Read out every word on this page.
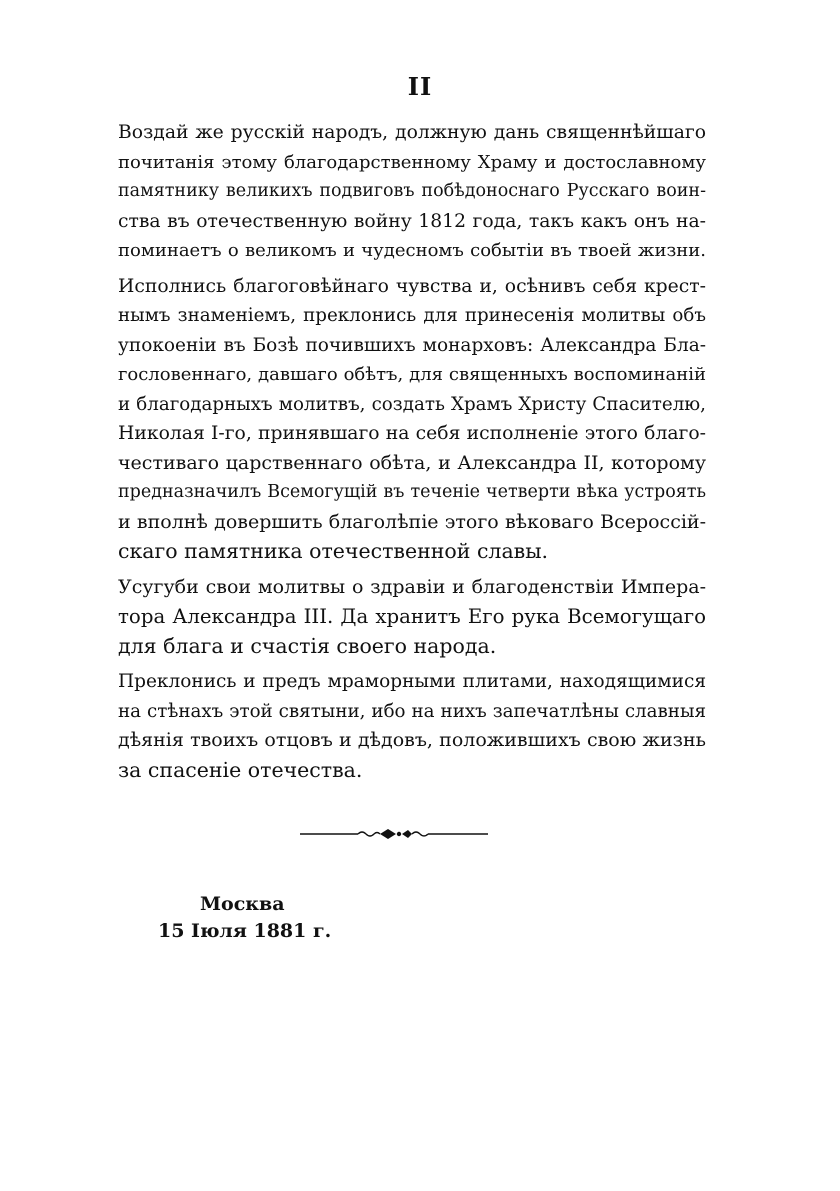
II

Воздай же русскій народъ, должную дань священнѣйшаго
почитанія этому благодарственному Храму и достославному
памятнику великихъ подвиговъ побѣдоноснаго Русскаго воин-
ства въ отечественную войну 1812 года, такъ какъ онъ на-
поминаетъ о великомъ и чудесномъ событіи въ твоей жизни.

Исполнись благоговѣйнаго чувства и, осѣнивъ себя крест-
нымъ знаменіемъ, преклонись для принесенія молитвы объ
упокоеніи въ Бозѣ почившихъ монарховъ: Александра Бла-
гословеннаго, давшаго обѣтъ, для священныхъ воспоминаній
и благодарныхъ молитвъ, создать Храмъ Христу Спасителю,
Николая I-го, принявшаго на себя исполненіе этого благо-
честиваго царственнаго обѣта, и Александра II, которому
предназначилъ Всемогущій въ теченіе четверти вѣка устроять
и вполнѣ довершить благолѣпіе этого вѣковаго Всероссій-
скаго памятника отечественной славы.

Усугуби свои молитвы о здравіи и благоденствіи Импера-
тора Александра III. Да хранитъ Его рука Всемогущаго
для блага и счастія своего народа.

Преклонись и предъ мраморными плитами, находящимися
на стѣнахъ этой святыни, ибо на нихъ запечатлѣны славныя
дѣянія твоихъ отцовъ и дѣдовъ, положившихъ свою жизнь
за спасеніе отечества.

Москва
15 Іюля 1881 г.
